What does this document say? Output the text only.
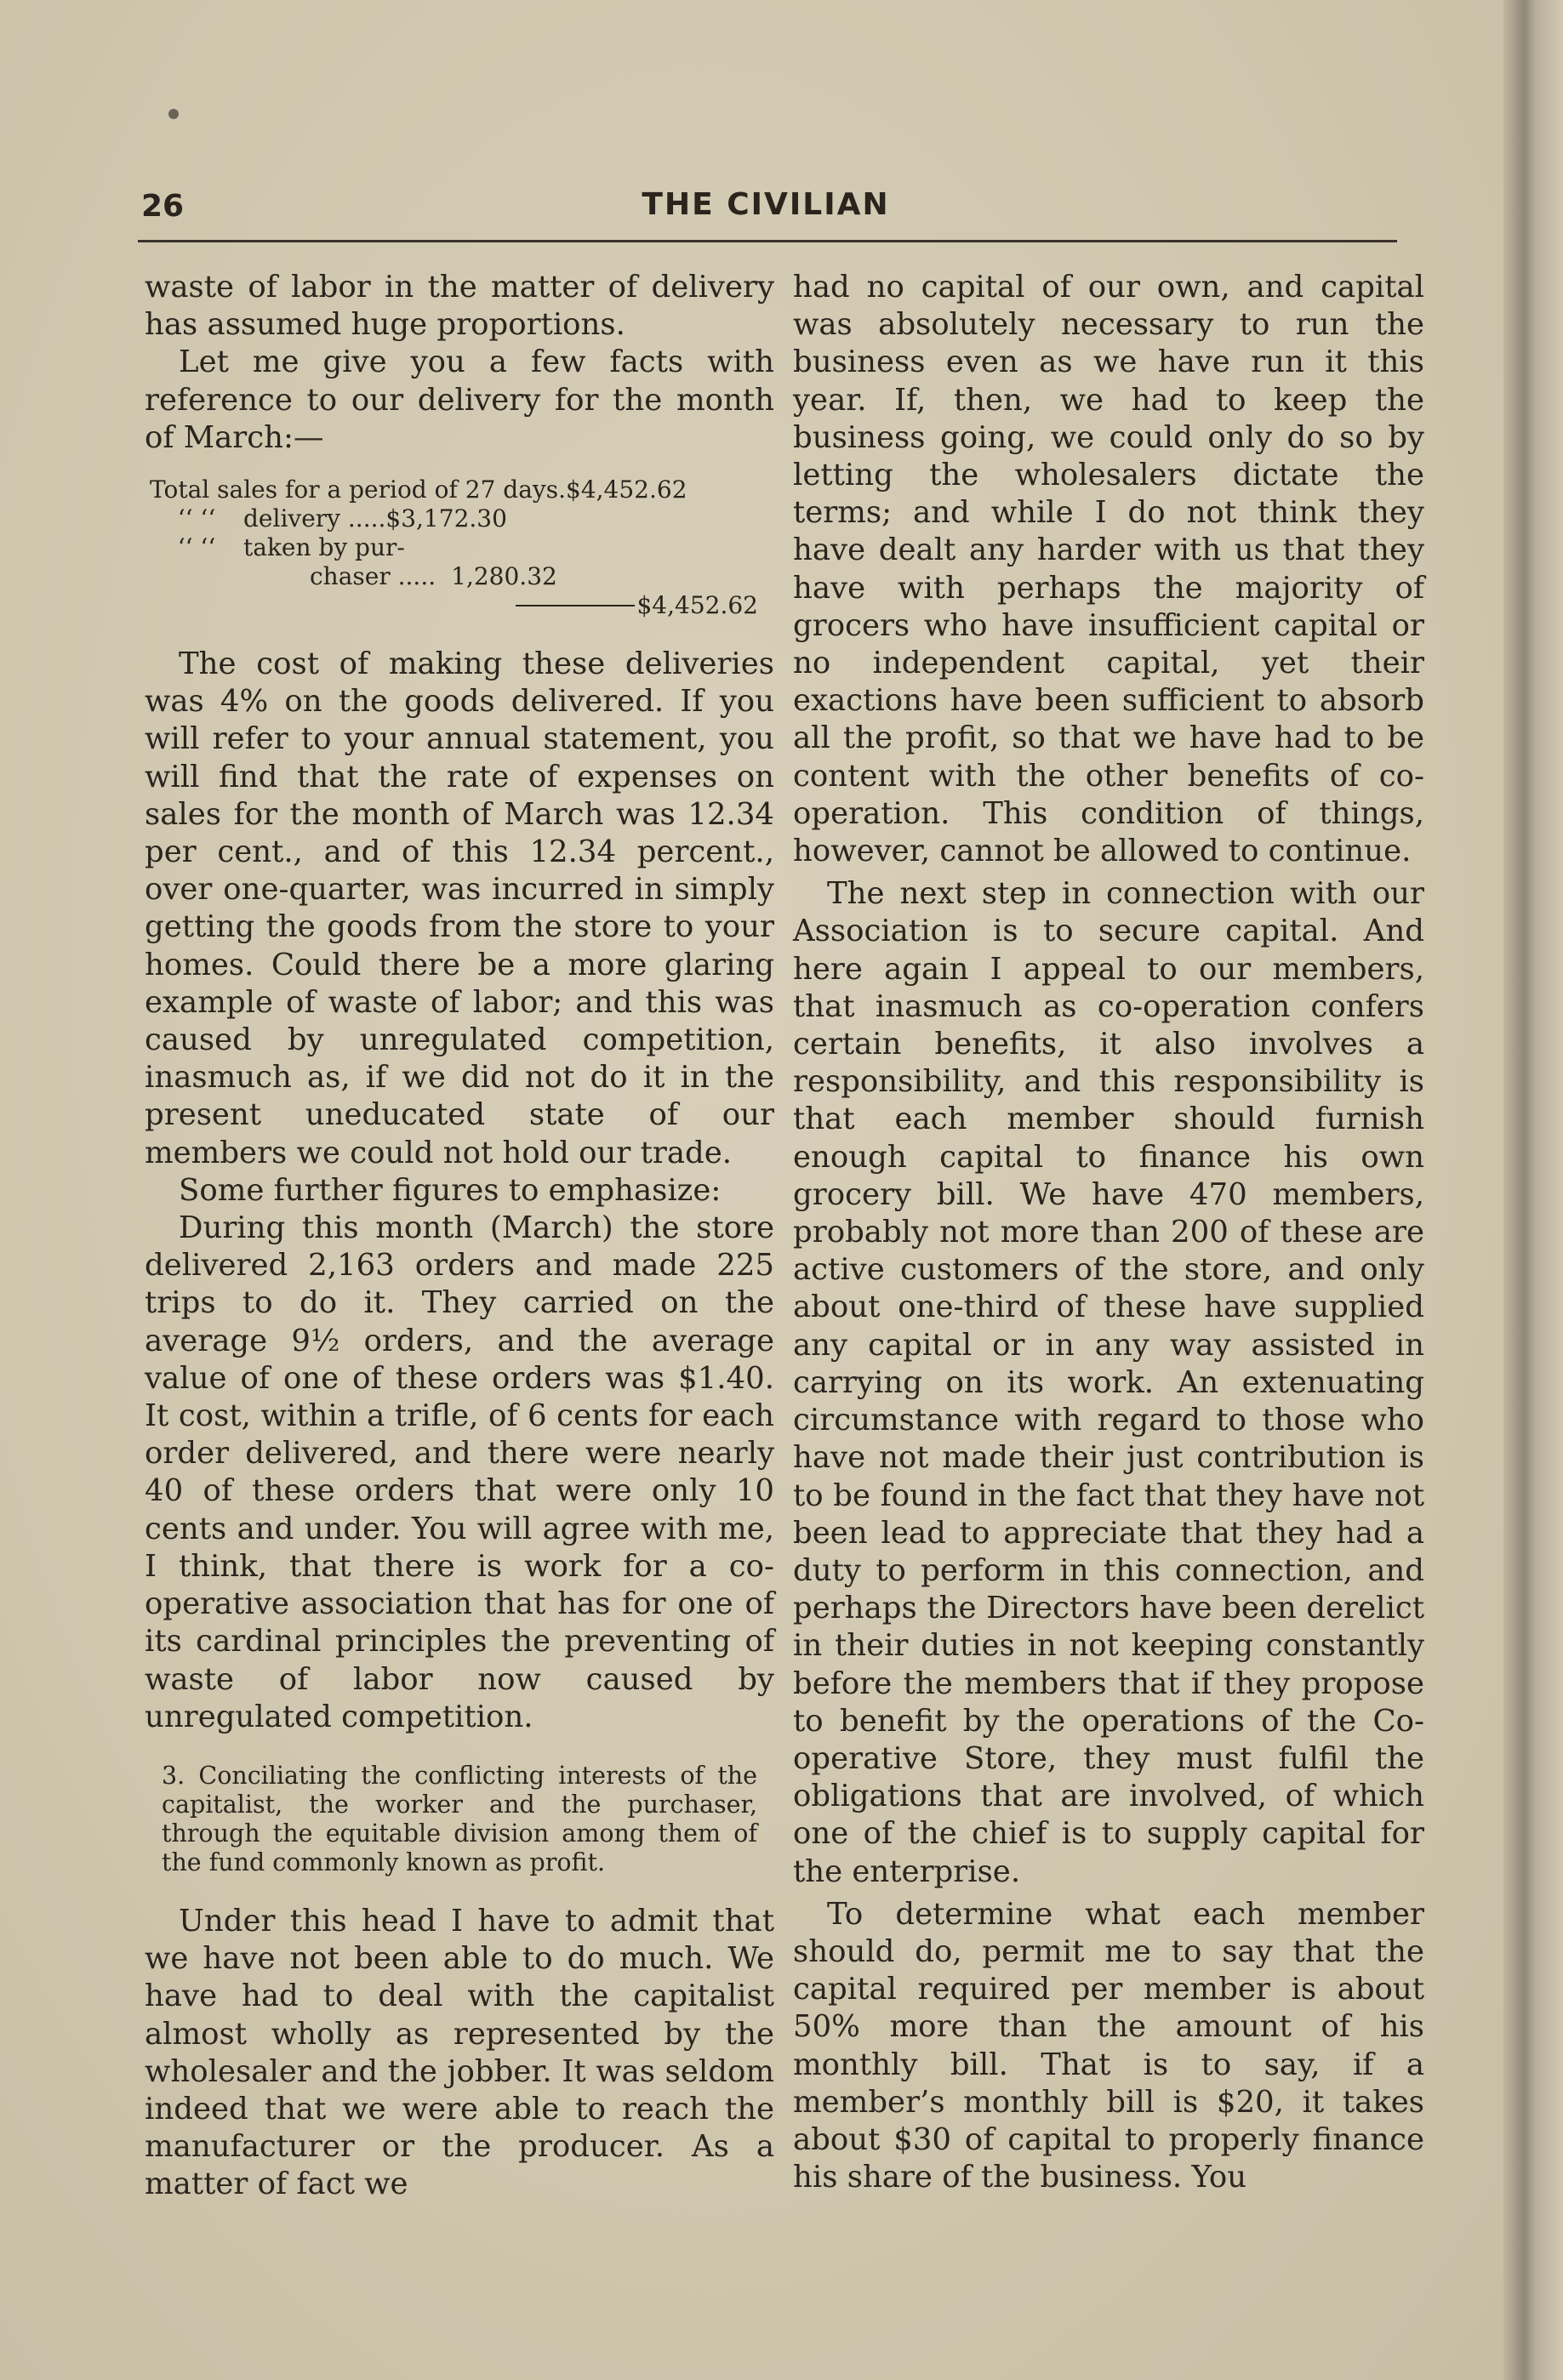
26	THE CIVILIAN

waste of labor in the matter of delivery has assumed huge proportions.

Let me give you a few facts with reference to our delivery for the month of March:—

Total sales for a period of 27 days. $4,452.62
‘‘ ‘‘	delivery ..... $3,172.30
‘‘ ‘‘	taken by pur-
chaser ..... 1,280.32
$4,452.62

The cost of making these deliveries was 4% on the goods delivered. If you will refer to your annual statement, you will find that the rate of expenses on sales for the month of March was 12.34 per cent., and of this 12.34 percent., over one-quarter, was incurred in simply getting the goods from the store to your homes. Could there be a more glaring example of waste of labor; and this was caused by unregulated competition, inasmuch as, if we did not do it in the present uneducated state of our members we could not hold our trade.

Some further figures to emphasize:

During this month (March) the store delivered 2,163 orders and made 225 trips to do it. They carried on the average 9½ orders, and the average value of one of these orders was $1.40. It cost, within a trifle, of 6 cents for each order delivered, and there were nearly 40 of these orders that were only 10 cents and under. You will agree with me, I think, that there is work for a co-operative association that has for one of its cardinal principles the preventing of waste of labor now caused by unregulated competition.

3. Conciliating the conflicting interests of the capitalist, the worker and the purchaser, through the equitable division among them of the fund commonly known as profit.

Under this head I have to admit that we have not been able to do much. We have had to deal with the capitalist almost wholly as represented by the wholesaler and the jobber. It was seldom indeed that we were able to reach the manufacturer or the producer. As a matter of fact we

had no capital of our own, and capital was absolutely necessary to run the business even as we have run it this year. If, then, we had to keep the business going, we could only do so by letting the wholesalers dictate the terms; and while I do not think they have dealt any harder with us that they have with perhaps the majority of grocers who have insufficient capital or no independent capital, yet their exactions have been sufficient to absorb all the profit, so that we have had to be content with the other benefits of co-operation. This condition of things, however, cannot be allowed to continue.

The next step in connection with our Association is to secure capital. And here again I appeal to our members, that inasmuch as co-operation confers certain benefits, it also involves a responsibility, and this responsibility is that each member should furnish enough capital to finance his own grocery bill. We have 470 members, probably not more than 200 of these are active customers of the store, and only about one-third of these have supplied any capital or in any way assisted in carrying on its work. An extenuating circumstance with regard to those who have not made their just contribution is to be found in the fact that they have not been lead to appreciate that they had a duty to perform in this connection, and perhaps the Directors have been derelict in their duties in not keeping constantly before the members that if they propose to benefit by the operations of the Co-operative Store, they must fulfil the obligations that are involved, of which one of the chief is to supply capital for the enterprise.

To determine what each member should do, permit me to say that the capital required per member is about 50% more than the amount of his monthly bill. That is to say, if a member’s monthly bill is $20, it takes about $30 of capital to properly finance his share of the business. You
